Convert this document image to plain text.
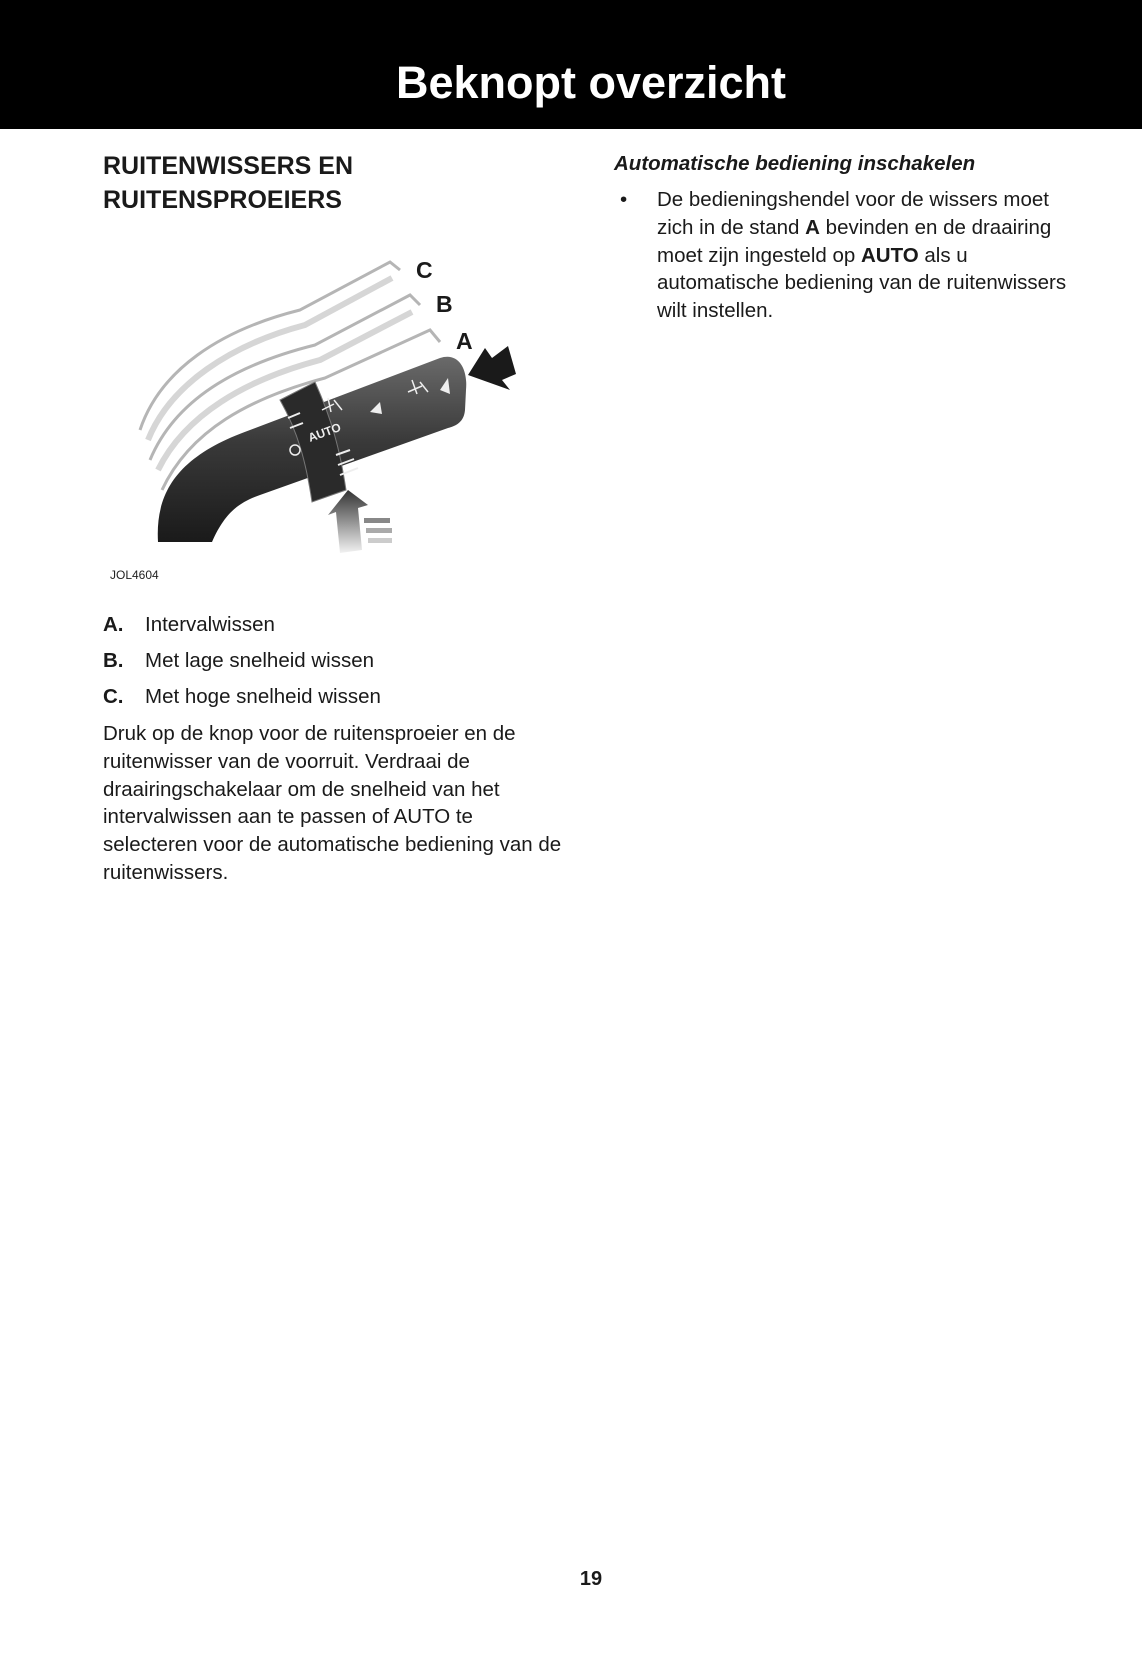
Beknopt overzicht
RUITENWISSERS EN
RUITENSPROEIERS
AUTO
C
B
A
JOL4604
A. Intervalwissen
B. Met lage snelheid wissen
C. Met hoge snelheid wissen

Druk op de knop voor de ruitensproeier en de ruitenwisser van de voorruit. Verdraai de draairingschakelaar om de snelheid van het intervalwissen aan te passen of AUTO te selecteren voor de automatische bediening van de ruitenwissers.

Automatische bediening inschakelen
• De bedieningshendel voor de wissers moet zich in de stand A bevinden en de draairing moet zijn ingesteld op AUTO als u automatische bediening van de ruitenwissers wilt instellen.

19
